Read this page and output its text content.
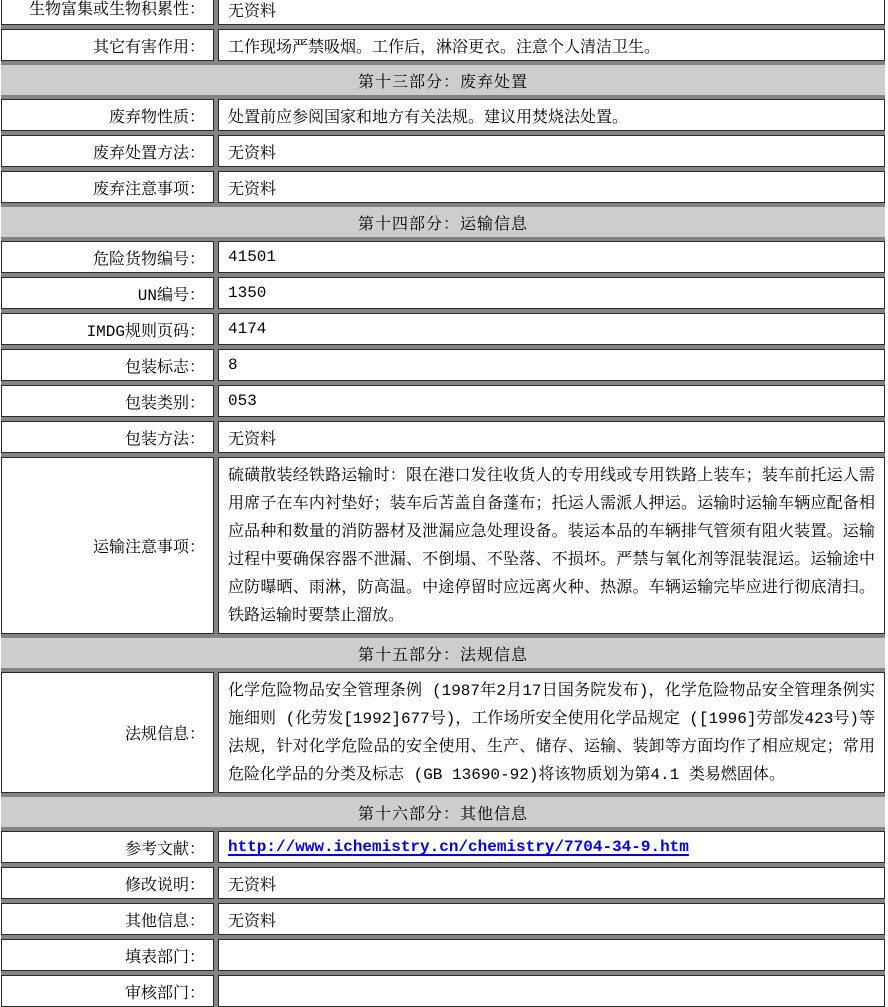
生物富集或生物积累性：	无资料
其它有害作用：	工作现场严禁吸烟。工作后，淋浴更衣。注意个人清洁卫生。
第十三部分：废弃处置
废弃物性质：	处置前应参阅国家和地方有关法规。建议用焚烧法处置。
废弃处置方法：	无资料
废弃注意事项：	无资料
第十四部分：运输信息
危险货物编号：	41501
UN编号：	1350
IMDG规则页码：	4174
包装标志：	8
包装类别：	053
包装方法：	无资料
运输注意事项：
硫磺散装经铁路运输时：限在港口发往收货人的专用线或专用铁路上装车；装车前托运人需用席子在车内衬垫好；装车后苫盖自备蓬布；托运人需派人押运。运输时运输车辆应配备相应品种和数量的消防器材及泄漏应急处理设备。装运本品的车辆排气管须有阻火装置。运输过程中要确保容器不泄漏、不倒塌、不坠落、不损坏。严禁与氧化剂等混装混运。运输途中应防曝晒、雨淋，防高温。中途停留时应远离火种、热源。车辆运输完毕应进行彻底清扫。铁路运输时要禁止溜放。
第十五部分：法规信息
法规信息：
化学危险物品安全管理条例 (1987年2月17日国务院发布)，化学危险物品安全管理条例实施细则 (化劳发[1992]677号)，工作场所安全使用化学品规定 ([1996]劳部发423号)等法规，针对化学危险品的安全使用、生产、储存、运输、装卸等方面均作了相应规定；常用危险化学品的分类及标志 (GB 13690-92)将该物质划为第4.1 类易燃固体。
第十六部分：其他信息
参考文献：	http://www.ichemistry.cn/chemistry/7704-34-9.htm
修改说明：	无资料
其他信息：	无资料
填表部门：
审核部门：
